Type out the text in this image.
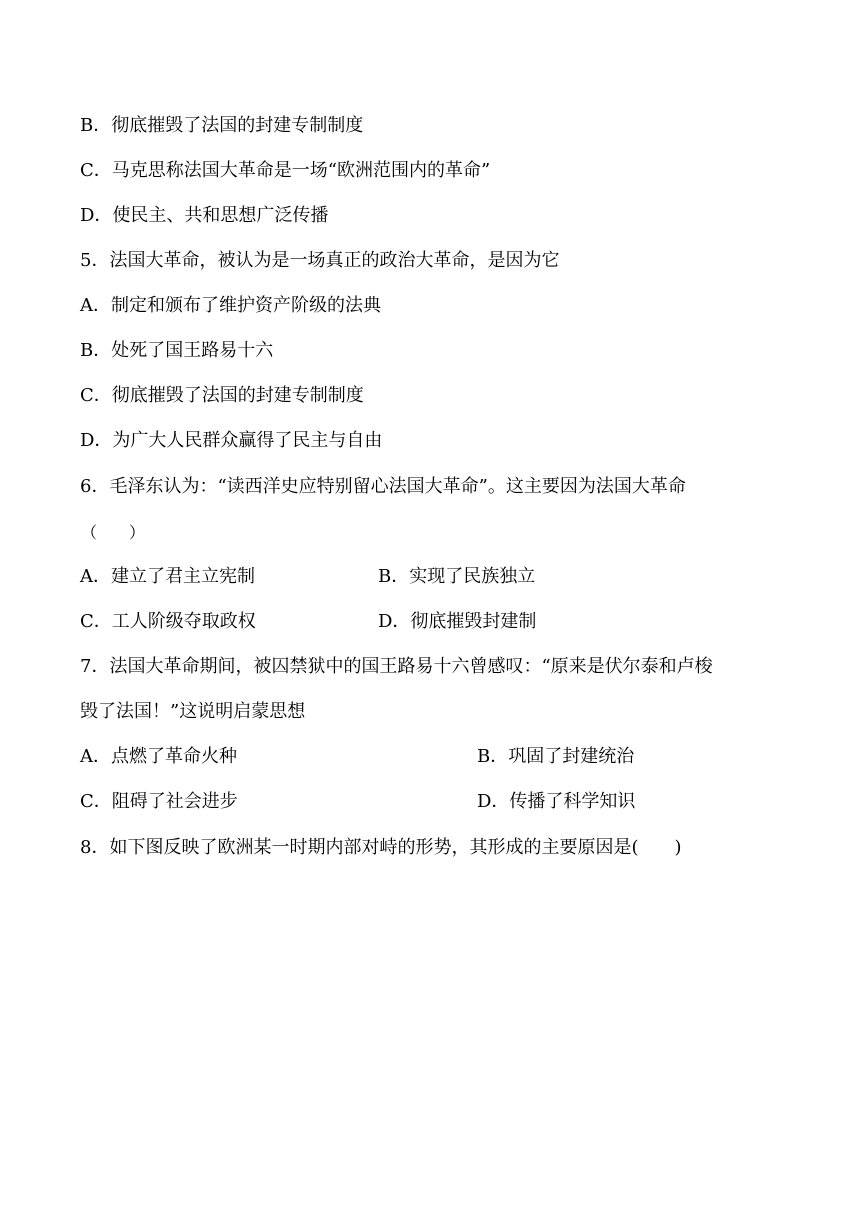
B．彻底摧毁了法国的封建专制制度
C．马克思称法国大革命是一场“欧洲范围内的革命”
D．使民主、共和思想广泛传播
5．法国大革命，被认为是一场真正的政治大革命，是因为它
A．制定和颁布了维护资产阶级的法典
B．处死了国王路易十六
C．彻底摧毁了法国的封建专制制度
D．为广大人民群众赢得了民主与自由
6．毛泽东认为：“读西洋史应特别留心法国大革命”。这主要因为法国大革命
（　　）
A．建立了君主立宪制	B．实现了民族独立
C．工人阶级夺取政权	D．彻底摧毁封建制
7．法国大革命期间，被囚禁狱中的国王路易十六曾感叹：“原来是伏尔泰和卢梭
毁了法国！”这说明启蒙思想
A．点燃了革命火种	B．巩固了封建统治
C．阻碍了社会进步	D．传播了科学知识
8．如下图反映了欧洲某一时期内部对峙的形势，其形成的主要原因是(　　)
